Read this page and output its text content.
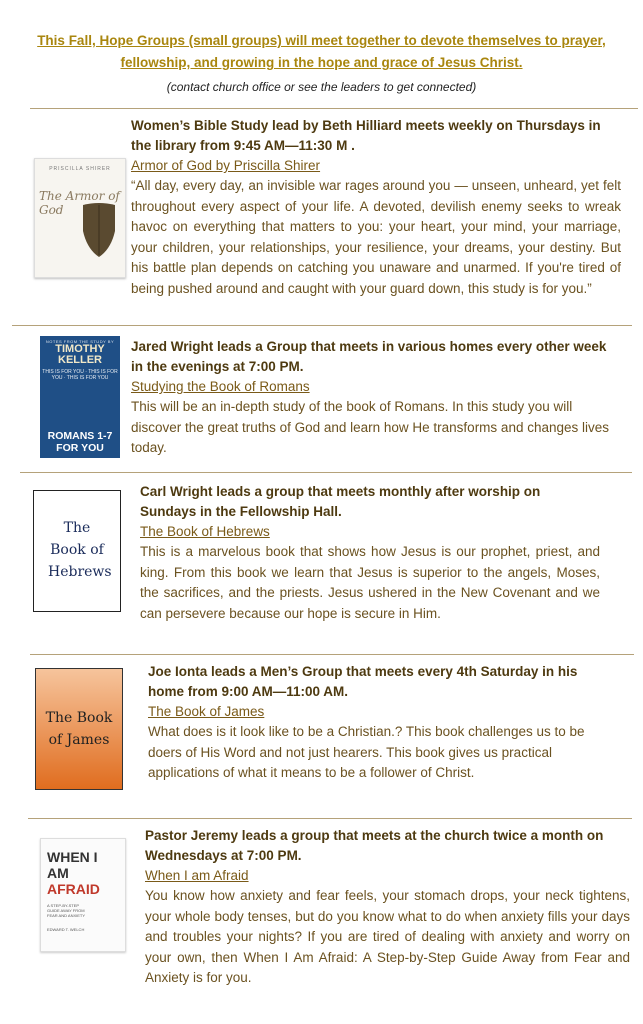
This Fall, Hope Groups (small groups) will meet together to devote themselves to prayer, fellowship, and growing in the hope and grace of Jesus Christ.
(contact church office or see the leaders to get connected)
PRISCILLA SHIRER
The Armor of God
Women’s Bible Study lead by Beth Hilliard meets weekly on Thursdays in the library from 9:45 AM—11:30 M .
Armor of God by Priscilla Shirer
“All day, every day, an invisible war rages around you — unseen, unheard, yet felt throughout every aspect of your life. A devoted, devilish enemy seeks to wreak havoc on everything that matters to you: your heart, your mind, your marriage, your children, your relationships, your resilience, your dreams, your destiny. But his battle plan depends on catching you unaware and unarmed. If you're tired of being pushed around and caught with your guard down, this study is for you.”
NOTES FROM THE STUDY BY
TIMOTHY KELLER
THIS IS FOR YOU · THIS IS FOR YOU · THIS IS FOR YOU
ROMANS 1-7 FOR YOU
Jared Wright leads a Group that meets in various homes every other week in the evenings at 7:00 PM.
Studying the Book of Romans
This will be an in-depth study of the book of Romans. In this study you will discover the great truths of God and learn how He transforms and changes lives today.
The Book of Hebrews
Carl Wright leads a group that meets monthly after worship on Sundays in the Fellowship Hall.
The Book of Hebrews
This is a marvelous book that shows how Jesus is our prophet, priest, and king. From this book we learn that Jesus is superior to the angels, Moses, the sacrifices, and the priests. Jesus ushered in the New Covenant and we can persevere because our hope is secure in Him.
The Book of James
Joe Ionta leads a Men’s Group that meets every 4th Saturday in his home from 9:00 AM—11:00 AM.
The Book of James
What does is it look like to be a Christian.? This book challenges us to be doers of His Word and not just hearers. This book gives us practical applications of what it means to be a follower of Christ.
WHEN I AM
AFRAID
A STEP-BY-STEP GUIDE AWAY FROM FEAR AND ANXIETY
EDWARD T. WELCH
Pastor Jeremy leads a group that meets at the church twice a month on Wednesdays at 7:00 PM.
When I am Afraid
You know how anxiety and fear feels, your stomach drops, your neck tightens, your whole body tenses, but do you know what to do when anxiety fills your days and troubles your nights? If you are tired of dealing with anxiety and worry on your own, then When I Am Afraid: A Step-by-Step Guide Away from Fear and Anxiety is for you.
